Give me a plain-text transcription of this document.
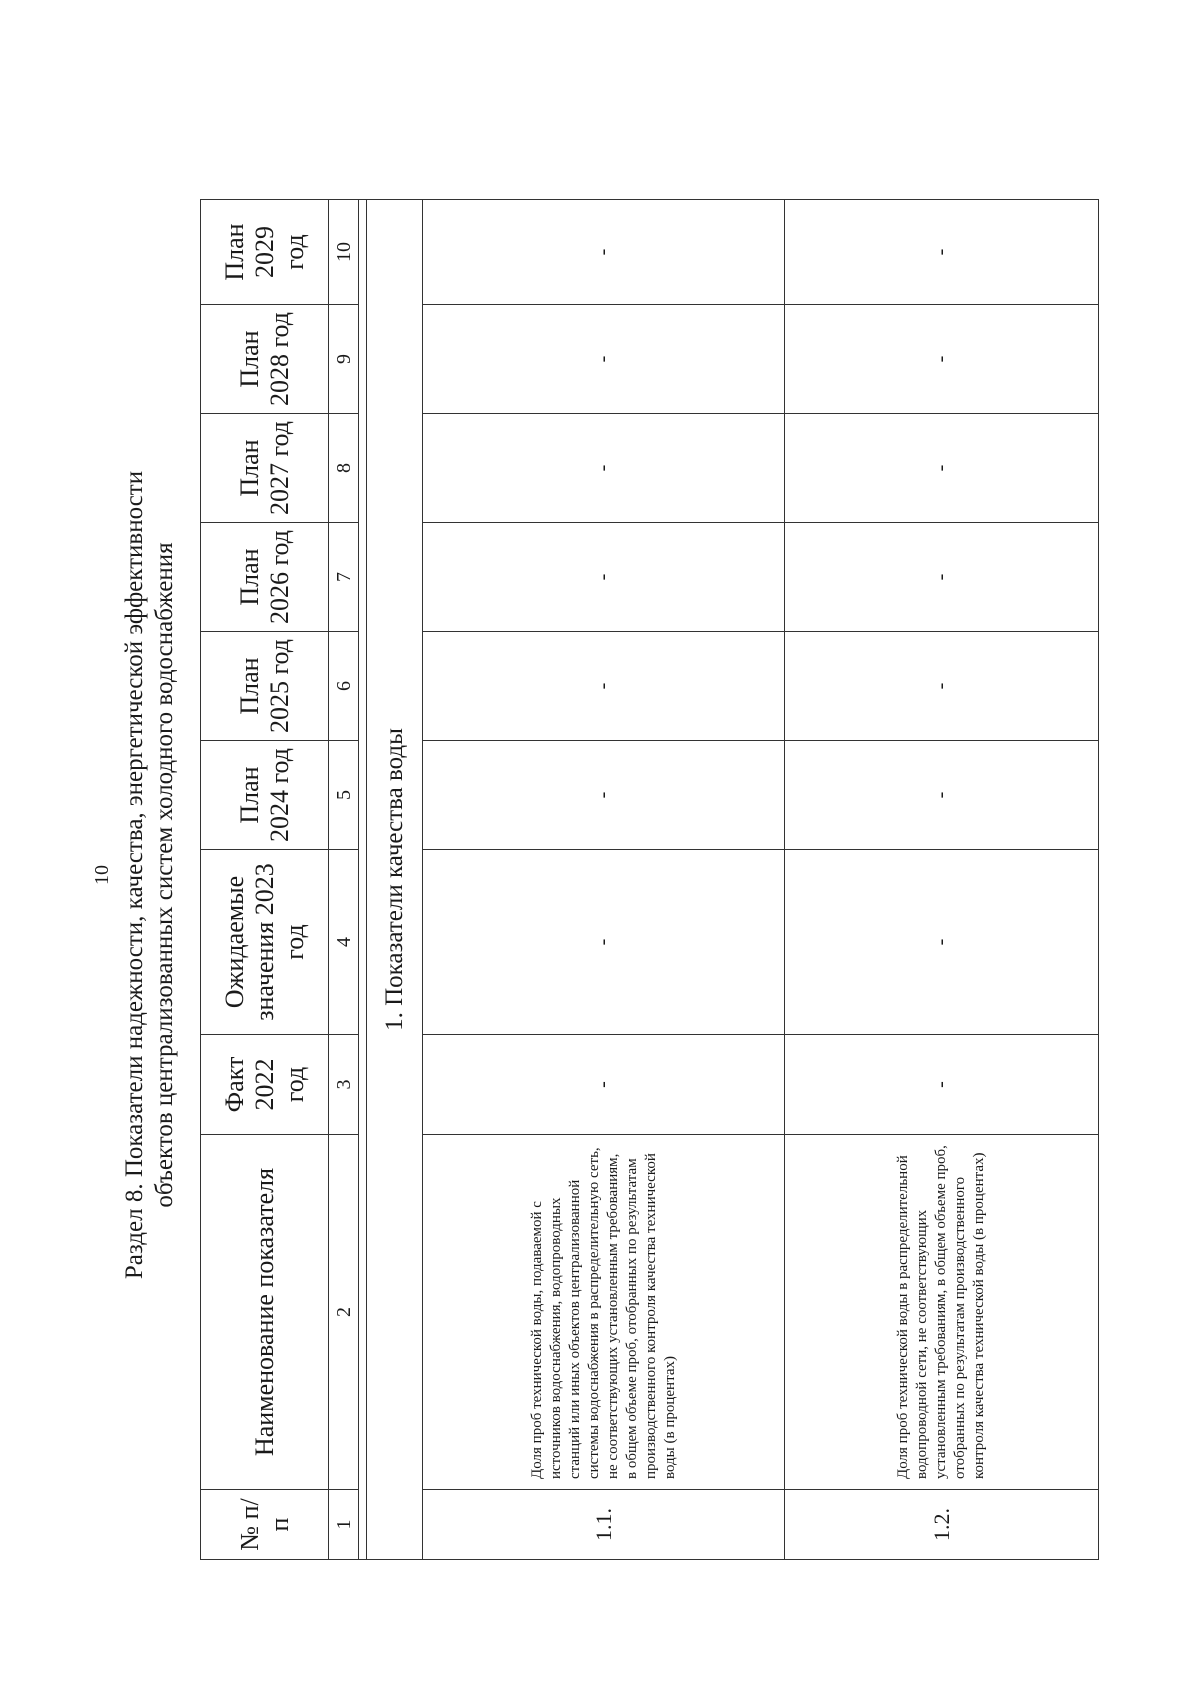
10 Раздел 8. Показатели надежности, качества, энергетической эффективности объектов централизованных систем холодного водоснабжения
№ п/п	Наименование показателя	Факт 2022 год	Ожидаемые значения 2023 год	План 2024 год	План 2025 год	План 2026 год	План 2027 год	План 2028 год	План 2029 год
1	2	3	4	5	6	7	8	9	10

1. Показатели качества воды									
1.1.	Доля проб технической воды, подаваемой с источников водоснабжения, водопроводных станций или иных объектов централизованной системы водоснабжения в распределительную сеть, не соответствующих установленным требованиям, в общем объеме проб, отобранных по результатам производственного контроля качества технической воды (в процентах)	-	-	-	-	-	-	-	-
1.2.	Доля проб технической воды в распределительной водопроводной сети, не соответствующих установленным требованиям, в общем объеме проб, отобранных по результатам производственного контроля качества технической воды (в процентах)	-	-	-	-	-	-	-	-
